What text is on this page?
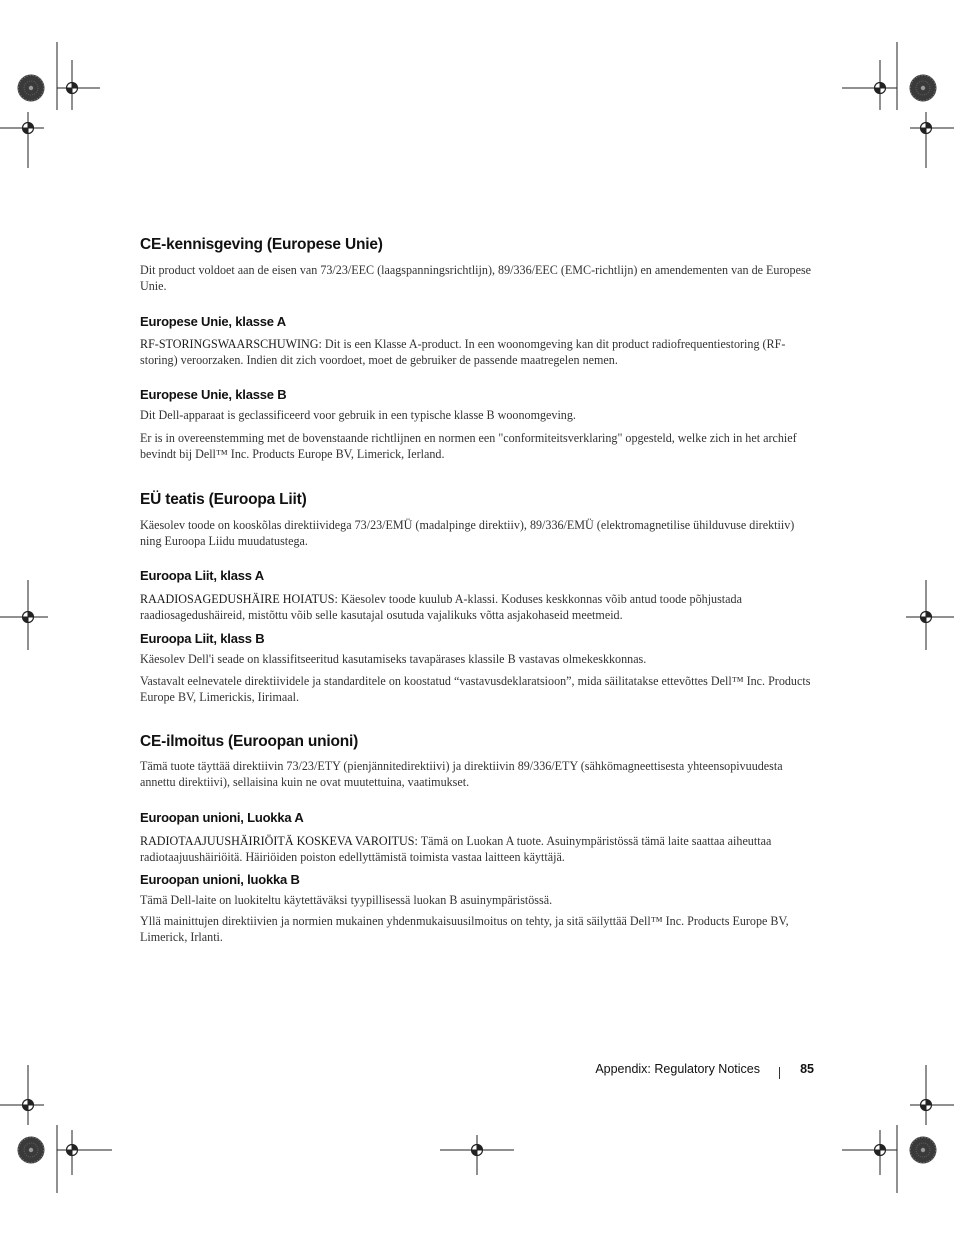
CE-kennisgeving (Europese Unie)

Dit product voldoet aan de eisen van 73/23/EEC (laagspanningsrichtlijn), 89/336/EEC (EMC-richtlijn) en amendementen van de Europese Unie.

Europese Unie, klasse A

RF-STORINGSWAARSCHUWING: Dit is een Klasse A-product. In een woonomgeving kan dit product radiofrequentiestoring (RF-storing) veroorzaken. Indien dit zich voordoet, moet de gebruiker de passende maatregelen nemen.

Europese Unie, klasse B

Dit Dell-apparaat is geclassificeerd voor gebruik in een typische klasse B woonomgeving.

Er is in overeenstemming met de bovenstaande richtlijnen en normen een "conformiteitsverklaring" opgesteld, welke zich in het archief bevindt bij Dell™ Inc. Products Europe BV, Limerick, Ierland.

EÜ teatis (Euroopa Liit)

Käesolev toode on kooskõlas direktiividega 73/23/EMÜ (madalpinge direktiiv), 89/336/EMÜ (elektromagnetilise ühilduvuse direktiiv) ning Euroopa Liidu muudatustega.

Euroopa Liit, klass A

RAADIOSAGEDUSHÄIRE HOIATUS: Käesolev toode kuulub A-klassi. Koduses keskkonnas võib antud toode põhjustada raadiosagedushäireid, mistõttu võib selle kasutajal osutuda vajalikuks võtta asjakohaseid meetmeid.

Euroopa Liit, klass B

Käesolev Dell'i seade on klassifitseeritud kasutamiseks tavapärases klassile B vastavas olmekeskkonnas.

Vastavalt eelnevatele direktiividele ja standarditele on koostatud “vastavusdeklaratsioon”, mida säilitatakse ettevõttes Dell™ Inc. Products Europe BV, Limerickis, Iirimaal.

CE-ilmoitus (Euroopan unioni)

Tämä tuote täyttää direktiivin 73/23/ETY (pienjännitedirektiivi) ja direktiivin 89/336/ETY (sähkömagneettisesta yhteensopivuudesta annettu direktiivi), sellaisina kuin ne ovat muutettuina, vaatimukset.

Euroopan unioni, Luokka A

RADIOTAAJUUSHÄIRIÖITÄ KOSKEVA VAROITUS: Tämä on Luokan A tuote. Asuinympäristössä tämä laite saattaa aiheuttaa radiotaajuushäiriöitä. Häiriöiden poiston edellyttämistä toimista vastaa laitteen käyttäjä.

Euroopan unioni, luokka B

Tämä Dell-laite on luokiteltu käytettäväksi tyypillisessä luokan B asuinympäristössä.

Yllä mainittujen direktiivien ja normien mukainen yhdenmukaisuusilmoitus on tehty, ja sitä säilyttää Dell™ Inc. Products Europe BV, Limerick, Irlanti.

Appendix: Regulatory Notices	85
